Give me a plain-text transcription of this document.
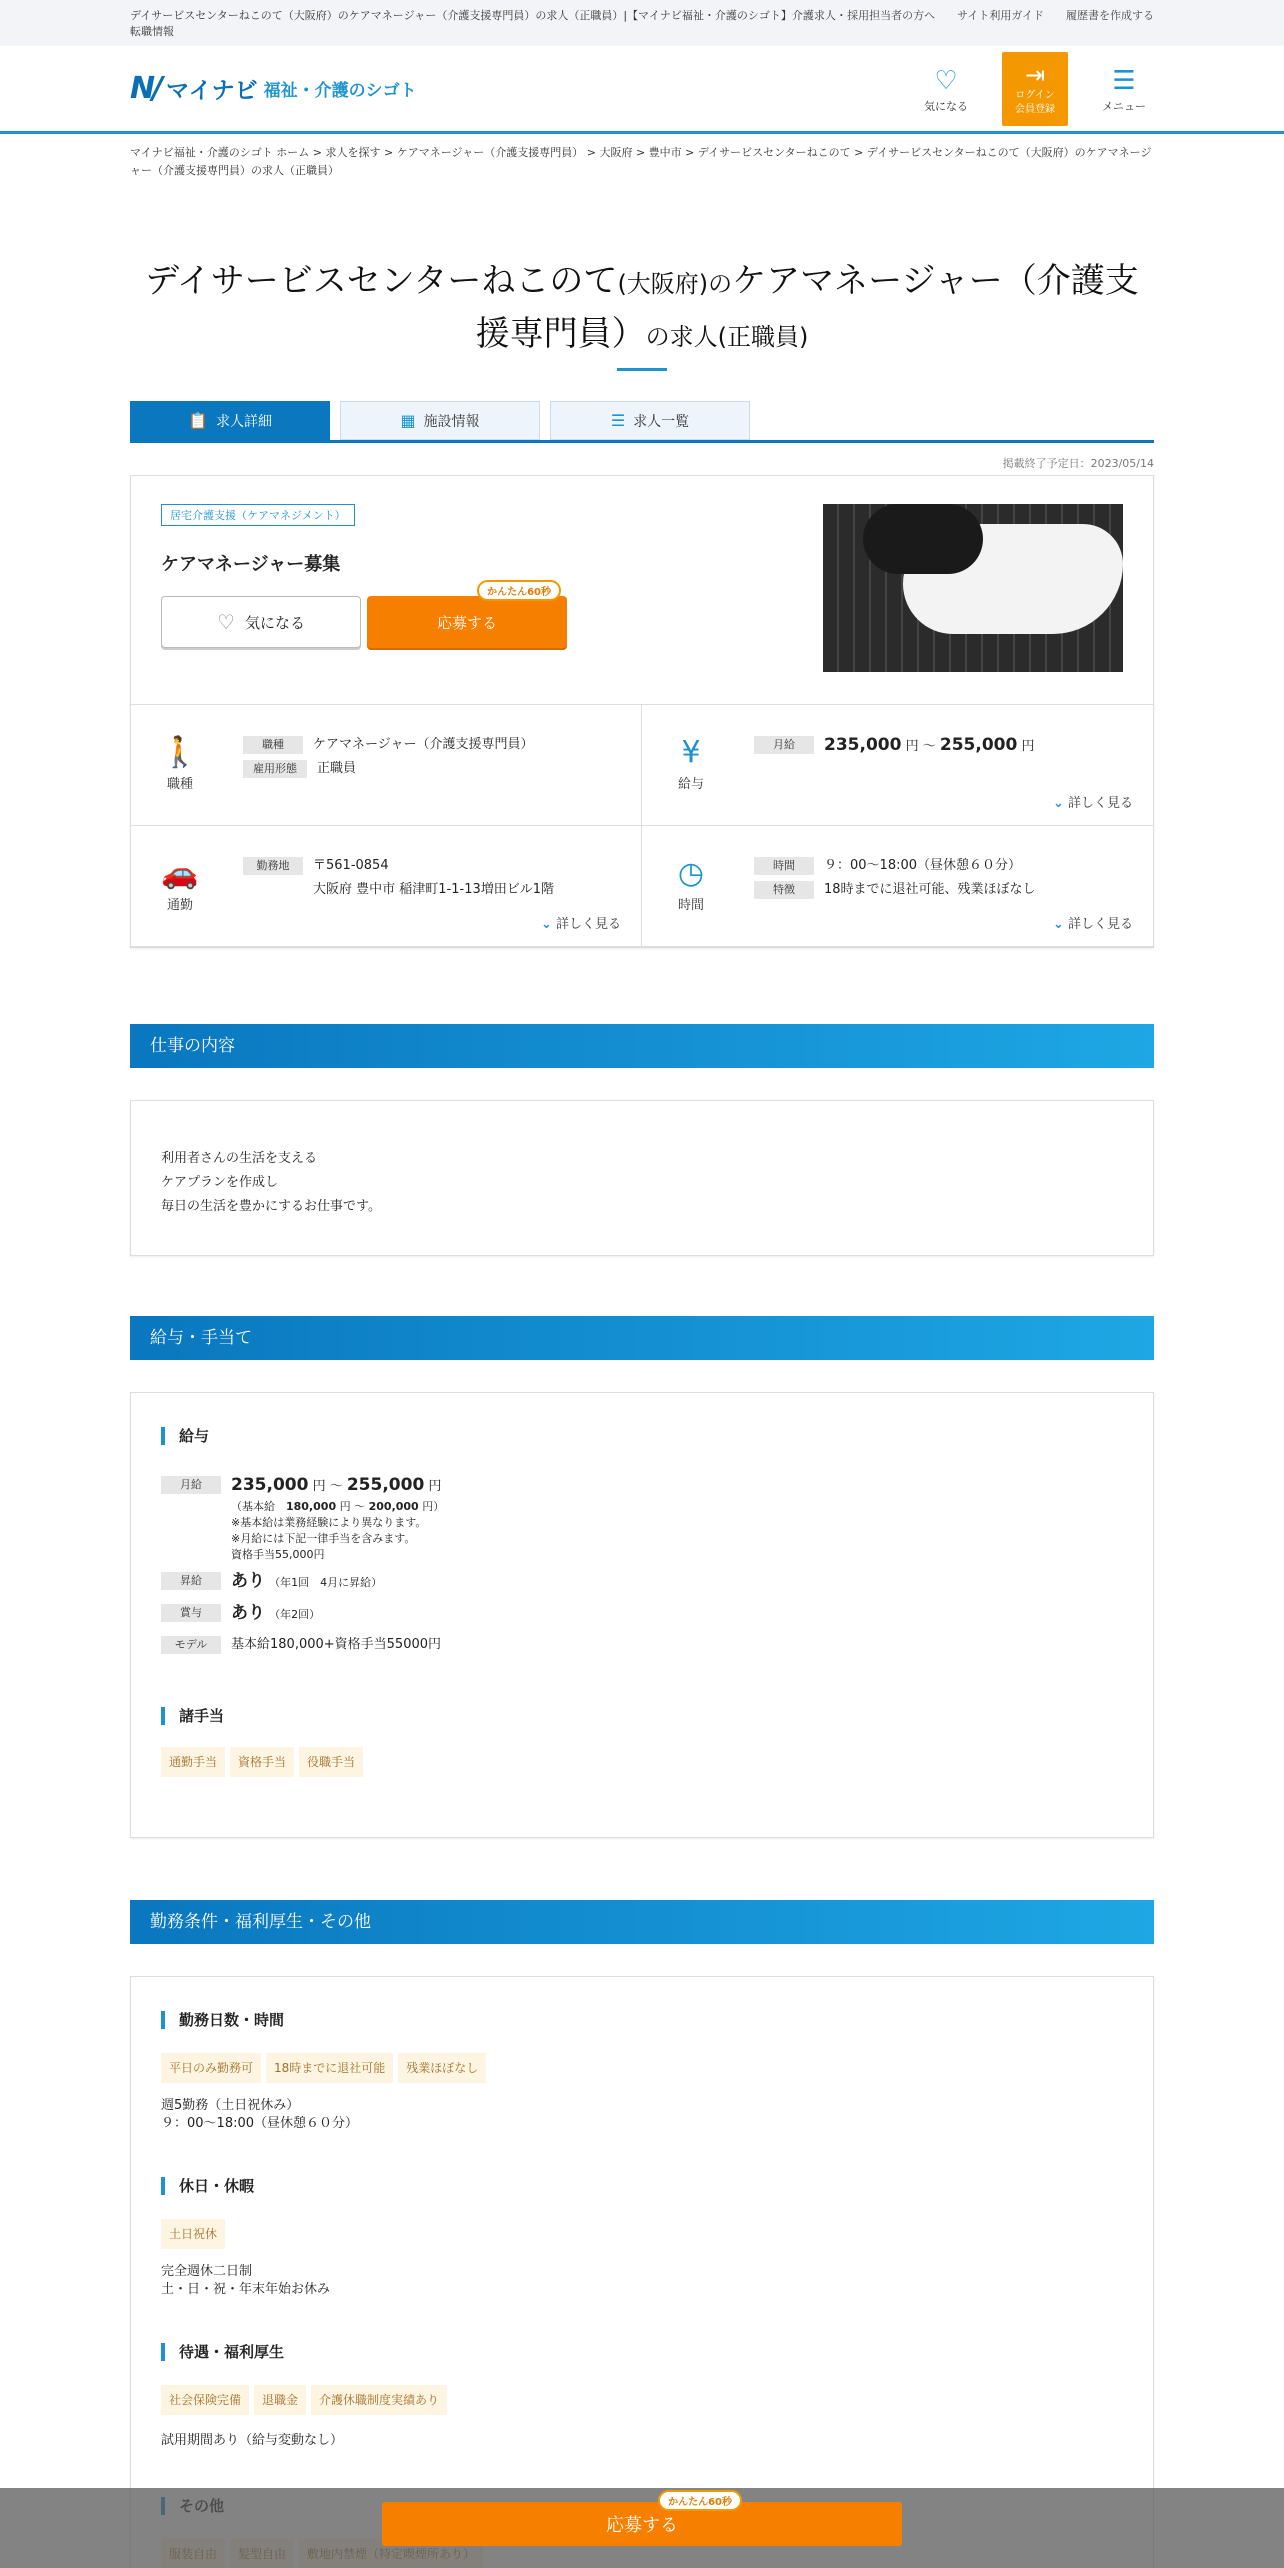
デイサービスセンターねこのて（大阪府）のケアマネージャー（介護支援専門員）の求人（正職員）|【マイナビ福祉・介護のシゴト】介護求人・転職情報
採用担当者の方へ サイト利用ガイド 履歴書を作成する
N/ マイナビ 福祉・介護のシゴト	♡
気になる
⇥
ログイン
会員登録
☰
メニュー
マイナビ福祉・介護のシゴト ホーム > 求人を探す > ケアマネージャー（介護支援専門員） > 大阪府 > 豊中市 > デイサービスセンターねこのて > デイサービスセンターねこのて（大阪府）のケアマネージャー（介護支援専門員）の求人（正職員）
デイサービスセンターねこのて(大阪府)のケアマネージャー（介護支援専門員）の求人(正職員)
📋 求人詳細	▦ 施設情報	☰ 求人一覧
掲載終了予定日：2023/05/14
居宅介護支援（ケアマネジメント）
ケアマネージャー募集
♡ 気になる	応募する
かんたん60秒
🚶
職種
職種	ケアマネージャー（介護支援専門員）
雇用形態	正職員	¥
給与
月給	235,000 円 ～ 255,000 円
⌄ 詳しく見る
🚗
通勤
勤務地	〒561-0854
大阪府 豊中市 稲津町1-1-13増田ビル1階
⌄ 詳しく見る
◷
時間
時間	９：00～18:00（昼休憩６０分）
特徴	18時までに退社可能、残業ほぼなし
⌄ 詳しく見る
仕事の内容
利用者さんの生活を支える
ケアプランを作成し
毎日の生活を豊かにするお仕事です。
給与・手当て
給与
月給	235,000 円 ～ 255,000 円
（基本給　 180,000 円 ～ 200,000 円）
※基本給は業務経験により異なります。
※月給には下記一律手当を含みます。
資格手当55,000円
昇給	あり （年1回　4月に昇給）
賞与	あり （年2回）
モデル	基本給180,000+資格手当55000円
諸手当
通勤手当 資格手当 役職手当
勤務条件・福利厚生・その他
勤務日数・時間
平日のみ勤務可 18時までに退社可能 残業ほぼなし
週5勤務（土日祝休み）
９：00～18:00（昼休憩６０分）
休日・休暇
土日祝休
完全週休二日制
土・日・祝・年末年始お休み
待遇・福利厚生
社会保険完備 退職金 介護休職制度実績あり
試用期間あり（給与変動なし）
応募する
かんたん60秒
